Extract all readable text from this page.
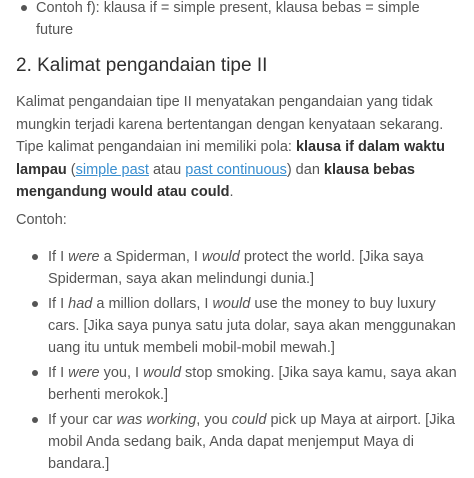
Contoh f): klausa if = simple present, klausa bebas = simple future
2. Kalimat pengandaian tipe II

Kalimat pengandaian tipe II menyatakan pengandaian yang tidak mungkin terjadi karena bertentangan dengan kenyataan sekarang. Tipe kalimat pengandaian ini memiliki pola: klausa if dalam waktu lampau (simple past atau past continuous) dan klausa bebas mengandung would atau could.

Contoh:

If I were a Spiderman, I would protect the world. [Jika saya Spiderman, saya akan melindungi dunia.]
If I had a million dollars, I would use the money to buy luxury cars. [Jika saya punya satu juta dolar, saya akan menggunakan uang itu untuk membeli mobil-mobil mewah.]
If I were you, I would stop smoking. [Jika saya kamu, saya akan berhenti merokok.]
If your car was working, you could pick up Maya at airport. [Jika mobil Anda sedang baik, Anda dapat menjemput Maya di bandara.]
